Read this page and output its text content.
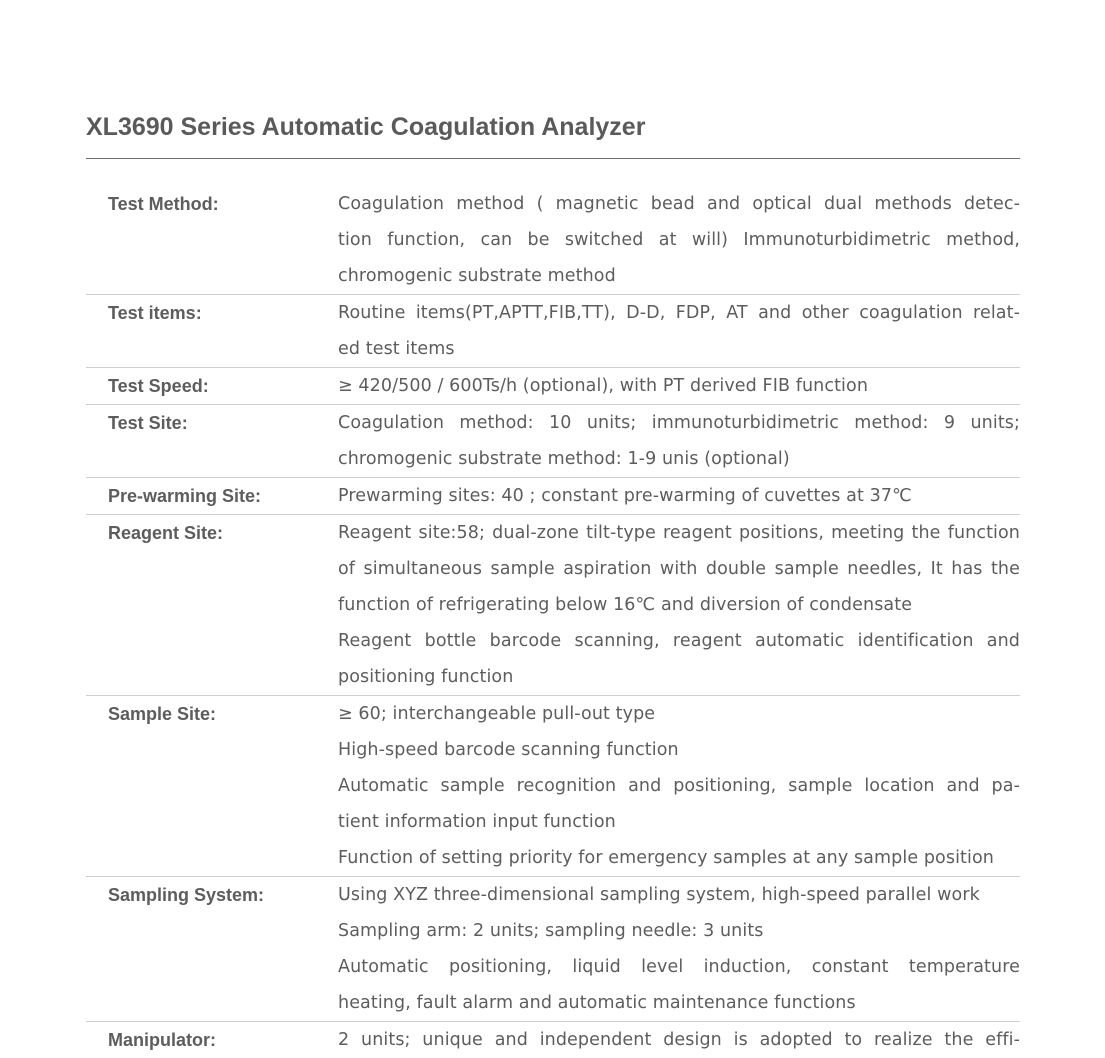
XL3690 Series Automatic Coagulation Analyzer
Test Method:	Coagulation method ( magnetic bead and optical dual methods detec-
tion function, can be switched at will) Immunoturbidimetric method,
chromogenic substrate method
Test items:	Routine items(PT,APTT,FIB,TT), D-D, FDP, AT and other coagulation relat-
ed test items
Test Speed:	≥ 420/500 / 600Ts/h (optional), with PT derived FIB function
Test Site:	Coagulation method: 10 units; immunoturbidimetric method: 9 units;
chromogenic substrate method: 1-9 unis (optional)
Pre-warming Site:	Prewarming sites: 40 ; constant pre-warming of cuvettes at 37℃
Reagent Site:	Reagent site:58; dual-zone tilt-type reagent positions, meeting the function
of simultaneous sample aspiration with double sample needles, It has the
function of refrigerating below 16℃ and diversion of condensate
Reagent bottle barcode scanning, reagent automatic identification and
positioning function
Sample Site:	≥ 60; interchangeable pull-out type
High-speed barcode scanning function
Automatic sample recognition and positioning, sample location and pa-
tient information input function
Function of setting priority for emergency samples at any sample position
Sampling System:	Using XYZ three-dimensional sampling system, high-speed parallel work
Sampling arm: 2 units; sampling needle: 3 units
Automatic positioning, liquid level induction, constant temperature
heating, fault alarm and automatic maintenance functions
Manipulator:	2 units; unique and independent design is adopted to realize the effi-
